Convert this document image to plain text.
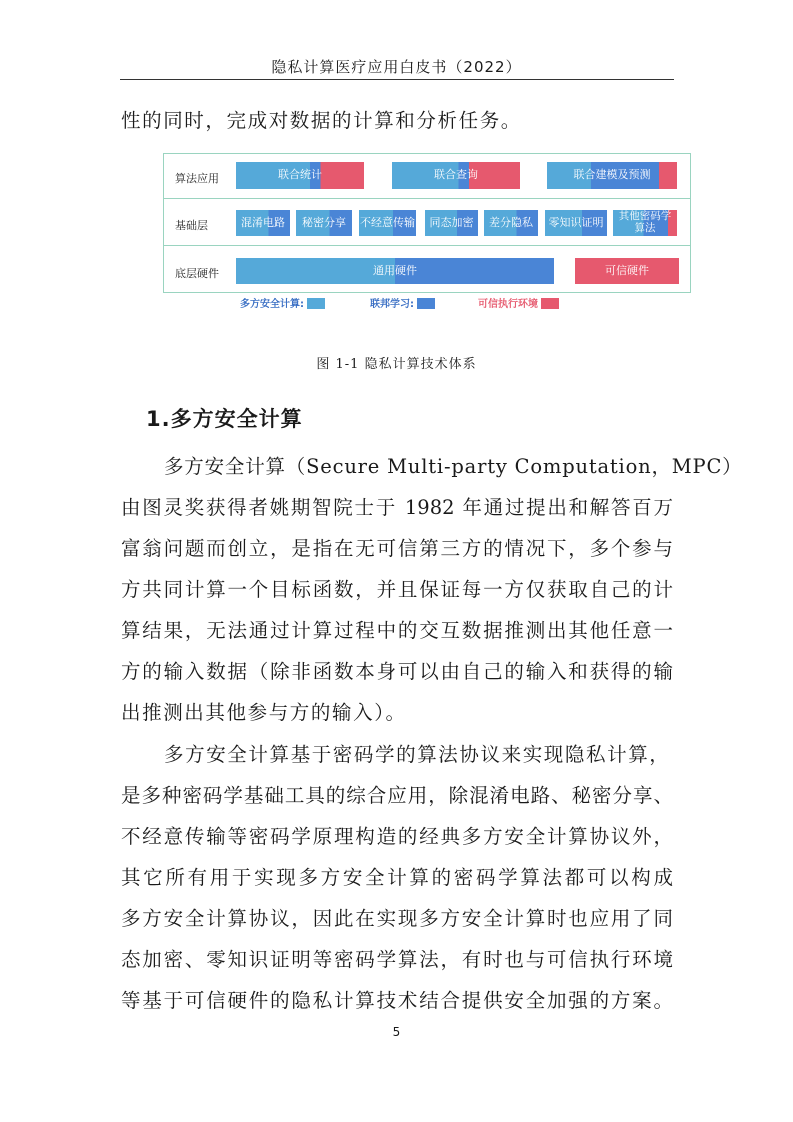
隐私计算医疗应用白皮书（2022）
性的同时，完成对数据的计算和分析任务。
算法应用	联合统计	联合查询	联合建模及预测
基础层	混淆电路 秘密分享 不经意传输 同态加密 差分隐私 零知识证明 其他密码学算法
底层硬件	通用硬件	可信硬件
多方安全计算:	联邦学习:	可信执行环境
图 1-1 隐私计算技术体系
1.多方安全计算
多方安全计算（Secure Multi-party Computation，MPC）
由图灵奖获得者姚期智院士于 1982 年通过提出和解答百万
富翁问题而创立，是指在无可信第三方的情况下，多个参与
方共同计算一个目标函数，并且保证每一方仅获取自己的计
算结果，无法通过计算过程中的交互数据推测出其他任意一
方的输入数据（除非函数本身可以由自己的输入和获得的输
出推测出其他参与方的输入）。
多方安全计算基于密码学的算法协议来实现隐私计算，
是多种密码学基础工具的综合应用，除混淆电路、秘密分享、
不经意传输等密码学原理构造的经典多方安全计算协议外，
其它所有用于实现多方安全计算的密码学算法都可以构成
多方安全计算协议，因此在实现多方安全计算时也应用了同
态加密、零知识证明等密码学算法，有时也与可信执行环境
等基于可信硬件的隐私计算技术结合提供安全加强的方案。
5
